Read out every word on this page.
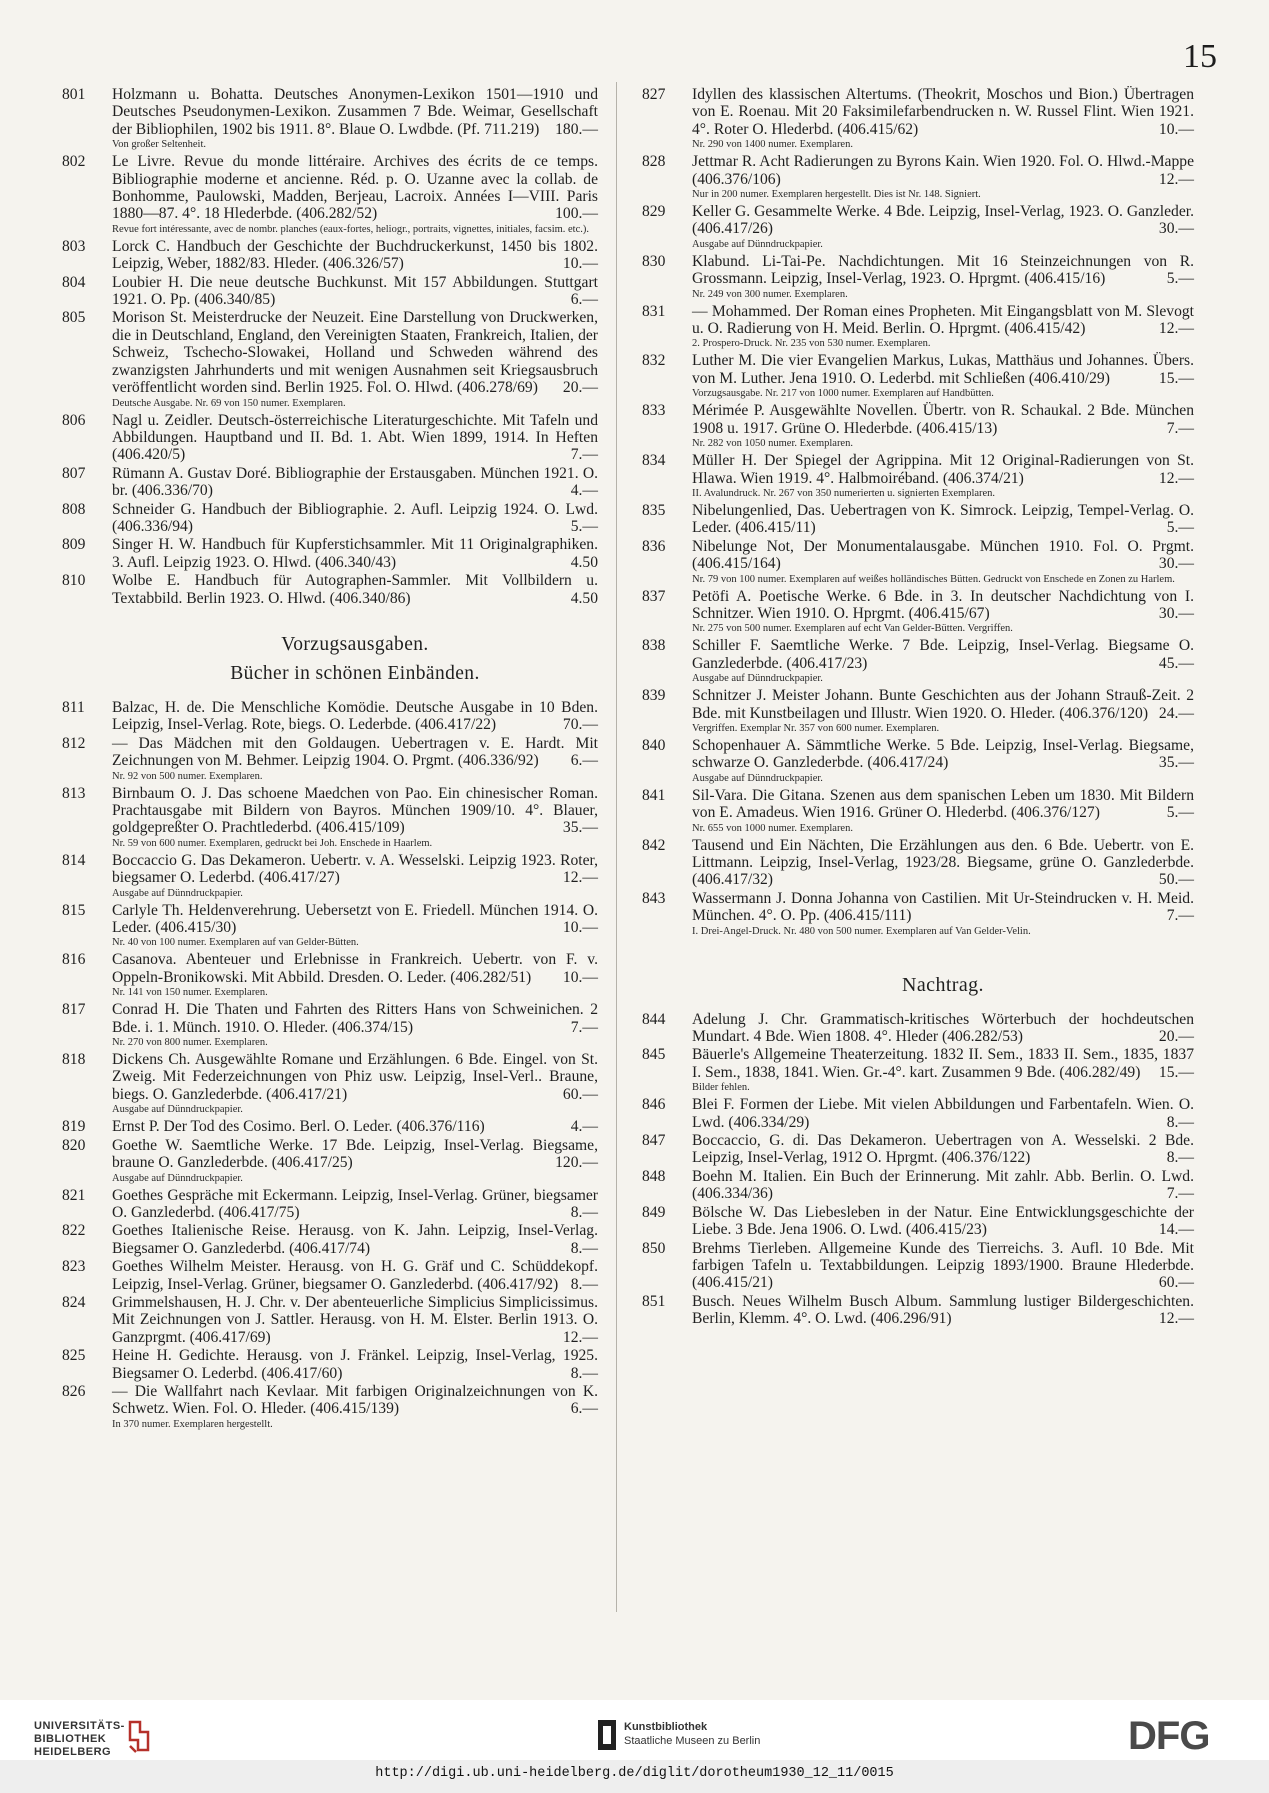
15
801 Holzmann u. Bohatta. Deutsches Anonymen-Lexikon 1501—1910 und Deutsches Pseudonymen-Lexikon. Zusammen 7 Bde. Weimar, Gesellschaft der Bibliophilen, 1902 bis 1911. 8°. Blaue O. Lwdbde. (Pf. 711.219)	180.—
Von großer Seltenheit.
802 Le Livre. Revue du monde littéraire. Archives des écrits de ce temps. Bibliographie moderne et ancienne. Réd. p. O. Uzanne avec la collab. de Bonhomme, Paulowski, Madden, Berjeau, Lacroix. Années I—VIII. Paris 1880—87. 4°. 18 Hlederbde. (406.282/52)	100.—
Revue fort intéressante, avec de nombr. planches (eaux-fortes, heliogr., portraits, vignettes, initiales, facsim. etc.).
803 Lorck C. Handbuch der Geschichte der Buchdruckerkunst, 1450 bis 1802. Leipzig, Weber, 1882/83. Hleder. (406.326/57)	10.—
804 Loubier H. Die neue deutsche Buchkunst. Mit 157 Abbildungen. Stuttgart 1921. O. Pp. (406.340/85)	6.—
805 Morison St. Meisterdrucke der Neuzeit. Eine Darstellung von Druckwerken, die in Deutschland, England, den Vereinigten Staaten, Frankreich, Italien, der Schweiz, Tschecho-Slowakei, Holland und Schweden während des zwanzigsten Jahrhunderts und mit wenigen Ausnahmen seit Kriegsausbruch veröffentlicht worden sind. Berlin 1925. Fol. O. Hlwd. (406.278/69)	20.—
Deutsche Ausgabe. Nr. 69 von 150 numer. Exemplaren.
806 Nagl u. Zeidler. Deutsch-österreichische Literaturgeschichte. Mit Tafeln und Abbildungen. Hauptband und II. Bd. 1. Abt. Wien 1899, 1914. In Heften (406.420/5)	7.—
807 Rümann A. Gustav Doré. Bibliographie der Erstausgaben. München 1921. O. br. (406.336/70)	4.—
808 Schneider G. Handbuch der Bibliographie. 2. Aufl. Leipzig 1924. O. Lwd. (406.336/94)	5.—
809 Singer H. W. Handbuch für Kupferstichsammler. Mit 11 Originalgraphiken. 3. Aufl. Leipzig 1923. O. Hlwd. (406.340/43)	4.50
810 Wolbe E. Handbuch für Autographen-Sammler. Mit Vollbildern u. Textabbild. Berlin 1923. O. Hlwd. (406.340/86)	4.50
Vorzugsausgaben.
Bücher in schönen Einbänden.
811 Balzac, H. de. Die Menschliche Komödie. Deutsche Ausgabe in 10 Bden. Leipzig, Insel-Verlag. Rote, biegs. O. Lederbde. (406.417/22)	70.—
812 — Das Mädchen mit den Goldaugen. Uebertragen v. E. Hardt. Mit Zeichnungen von M. Behmer. Leipzig 1904. O. Prgmt. (406.336/92)	6.—
Nr. 92 von 500 numer. Exemplaren.
813 Birnbaum O. J. Das schoene Maedchen von Pao. Ein chinesischer Roman. Prachtausgabe mit Bildern von Bayros. München 1909/10. 4°. Blauer, goldgepreßter O. Prachtlederbd. (406.415/109)	35.—
Nr. 59 von 600 numer. Exemplaren, gedruckt bei Joh. Enschede in Haarlem.
814 Boccaccio G. Das Dekameron. Uebertr. v. A. Wesselski. Leipzig 1923. Roter, biegsamer O. Lederbd. (406.417/27)	12.—
Ausgabe auf Dünndruckpapier.
815 Carlyle Th. Heldenverehrung. Uebersetzt von E. Friedell. München 1914. O. Leder. (406.415/30)	10.—
Nr. 40 von 100 numer. Exemplaren auf van Gelder-Bütten.
816 Casanova. Abenteuer und Erlebnisse in Frankreich. Uebertr. von F. v. Oppeln-Bronikowski. Mit Abbild. Dresden. O. Leder. (406.282/51)	10.—
Nr. 141 von 150 numer. Exemplaren.
817 Conrad H. Die Thaten und Fahrten des Ritters Hans von Schweinichen. 2 Bde. i. 1. Münch. 1910. O. Hleder. (406.374/15)	7.—
Nr. 270 von 800 numer. Exemplaren.
818 Dickens Ch. Ausgewählte Romane und Erzählungen. 6 Bde. Eingel. von St. Zweig. Mit Federzeichnungen von Phiz usw. Leipzig, Insel-Verl.. Braune, biegs. O. Ganzlederbde. (406.417/21)	60.—
Ausgabe auf Dünndruckpapier.
819 Ernst P. Der Tod des Cosimo. Berl. O. Leder. (406.376/116)	4.—
820 Goethe W. Saemtliche Werke. 17 Bde. Leipzig, Insel-Verlag. Biegsame, braune O. Ganzlederbde. (406.417/25)	120.—
Ausgabe auf Dünndruckpapier.
821 Goethes Gespräche mit Eckermann. Leipzig, Insel-Verlag. Grüner, biegsamer O. Ganzlederbd. (406.417/75)	8.—
822 Goethes Italienische Reise. Herausg. von K. Jahn. Leipzig, Insel-Verlag. Biegsamer O. Ganzlederbd. (406.417/74)	8.—
823 Goethes Wilhelm Meister. Herausg. von H. G. Gräf und C. Schüddekopf. Leipzig, Insel-Verlag. Grüner, biegsamer O. Ganzlederbd. (406.417/92) 8.—
824 Grimmelshausen, H. J. Chr. v. Der abenteuerliche Simplicius Simplicissimus. Mit Zeichnungen von J. Sattler. Herausg. von H. M. Elster. Berlin 1913. O. Ganzprgmt. (406.417/69)	12.—
825 Heine H. Gedichte. Herausg. von J. Fränkel. Leipzig, Insel-Verlag, 1925. Biegsamer O. Lederbd. (406.417/60)	8.—
826 — Die Wallfahrt nach Kevlaar. Mit farbigen Originalzeichnungen von K. Schwetz. Wien. Fol. O. Hleder. (406.415/139)	6.—
In 370 numer. Exemplaren hergestellt.
827 Idyllen des klassischen Altertums. (Theokrit, Moschos und Bion.) Übertragen von E. Roenau. Mit 20 Faksimilefarbendrucken n. W. Russel Flint. Wien 1921. 4°. Roter O. Hlederbd. (406.415/62)	10.—
Nr. 290 von 1400 numer. Exemplaren.
828 Jettmar R. Acht Radierungen zu Byrons Kain. Wien 1920. Fol. O. Hlwd.-Mappe (406.376/106)	12.—
Nur in 200 numer. Exemplaren hergestellt. Dies ist Nr. 148. Signiert.
829 Keller G. Gesammelte Werke. 4 Bde. Leipzig, Insel-Verlag, 1923. O. Ganzleder. (406.417/26)	30.—
Ausgabe auf Dünndruckpapier.
830 Klabund. Li-Tai-Pe. Nachdichtungen. Mit 16 Steinzeichnungen von R. Grossmann. Leipzig, Insel-Verlag, 1923. O. Hprgmt. (406.415/16)	5.—
Nr. 249 von 300 numer. Exemplaren.
831 — Mohammed. Der Roman eines Propheten. Mit Eingangsblatt von M. Slevogt u. O. Radierung von H. Meid. Berlin. O. Hprgmt. (406.415/42)	12.—
2. Prospero-Druck. Nr. 235 von 530 numer. Exemplaren.
832 Luther M. Die vier Evangelien Markus, Lukas, Matthäus und Johannes. Übers. von M. Luther. Jena 1910. O. Lederbd. mit Schließen (406.410/29)	15.—
Vorzugsausgabe. Nr. 217 von 1000 numer. Exemplaren auf Handbütten.
833 Mérimée P. Ausgewählte Novellen. Übertr. von R. Schaukal. 2 Bde. München 1908 u. 1917. Grüne O. Hlederbde. (406.415/13)	7.—
Nr. 282 von 1050 numer. Exemplaren.
834 Müller H. Der Spiegel der Agrippina. Mit 12 Original-Radierungen von St. Hlawa. Wien 1919. 4°. Halbmoiréband. (406.374/21)	12.—
II. Avalundruck. Nr. 267 von 350 numerierten u. signierten Exemplaren.
835 Nibelungenlied, Das. Uebertragen von K. Simrock. Leipzig, Tempel-Verlag. O. Leder. (406.415/11)	5.—
836 Nibelunge Not, Der Monumentalausgabe. München 1910. Fol. O. Prgmt. (406.415/164)	30.—
Nr. 79 von 100 numer. Exemplaren auf weißes holländisches Bütten. Gedruckt von Enschede en Zonen zu Harlem.
837 Petöfi A. Poetische Werke. 6 Bde. in 3. In deutscher Nachdichtung von I. Schnitzer. Wien 1910. O. Hprgmt. (406.415/67)	30.—
Nr. 275 von 500 numer. Exemplaren auf echt Van Gelder-Bütten. Vergriffen.
838 Schiller F. Saemtliche Werke. 7 Bde. Leipzig, Insel-Verlag. Biegsame O. Ganzlederbde. (406.417/23)	45.—
Ausgabe auf Dünndruckpapier.
839 Schnitzer J. Meister Johann. Bunte Geschichten aus der Johann Strauß-Zeit. 2 Bde. mit Kunstbeilagen und Illustr. Wien 1920. O. Hleder. (406.376/120) 24.—
Vergriffen. Exemplar Nr. 357 von 600 numer. Exemplaren.
840 Schopenhauer A. Sämmtliche Werke. 5 Bde. Leipzig, Insel-Verlag. Biegsame, schwarze O. Ganzlederbde. (406.417/24)	35.—
Ausgabe auf Dünndruckpapier.
841 Sil-Vara. Die Gitana. Szenen aus dem spanischen Leben um 1830. Mit Bildern von E. Amadeus. Wien 1916. Grüner O. Hlederbd. (406.376/127)	5.—
Nr. 655 von 1000 numer. Exemplaren.
842 Tausend und Ein Nächten, Die Erzählungen aus den. 6 Bde. Uebertr. von E. Littmann. Leipzig, Insel-Verlag, 1923/28. Biegsame, grüne O. Ganzlederbde. (406.417/32)	50.—
843 Wassermann J. Donna Johanna von Castilien. Mit Ur-Steindrucken v. H. Meid. München. 4°. O. Pp. (406.415/111)	7.—
I. Drei-Angel-Druck. Nr. 480 von 500 numer. Exemplaren auf Van Gelder-Velin.
Nachtrag.
844 Adelung J. Chr. Grammatisch-kritisches Wörterbuch der hochdeutschen Mundart. 4 Bde. Wien 1808. 4°. Hleder (406.282/53)	20.—
845 Bäuerle's Allgemeine Theaterzeitung. 1832 II. Sem., 1833 II. Sem., 1835, 1837 I. Sem., 1838, 1841. Wien. Gr.-4°. kart. Zusammen 9 Bde. (406.282/49)	15.—
Bilder fehlen.
846 Blei F. Formen der Liebe. Mit vielen Abbildungen und Farbentafeln. Wien. O. Lwd. (406.334/29)	8.—
847 Boccaccio, G. di. Das Dekameron. Uebertragen von A. Wesselski. 2 Bde. Leipzig, Insel-Verlag, 1912 O. Hprgmt. (406.376/122)	8.—
848 Boehn M. Italien. Ein Buch der Erinnerung. Mit zahlr. Abb. Berlin. O. Lwd. (406.334/36)	7.—
849 Bölsche W. Das Liebesleben in der Natur. Eine Entwicklungsgeschichte der Liebe. 3 Bde. Jena 1906. O. Lwd. (406.415/23)	14.—
850 Brehms Tierleben. Allgemeine Kunde des Tierreichs. 3. Aufl. 10 Bde. Mit farbigen Tafeln u. Textabbildungen. Leipzig 1893/1900. Braune Hlederbde. (406.415/21)	60.—
851 Busch. Neues Wilhelm Busch Album. Sammlung lustiger Bildergeschichten. Berlin, Klemm. 4°. O. Lwd. (406.296/91)	12.—
UNIVERSITÄTS-
BIBLIOTHEK
HEIDELBERG
Kunstbibliothek
Staatliche Museen zu Berlin	DFG
http://digi.ub.uni-heidelberg.de/diglit/dorotheum1930_12_11/0015
